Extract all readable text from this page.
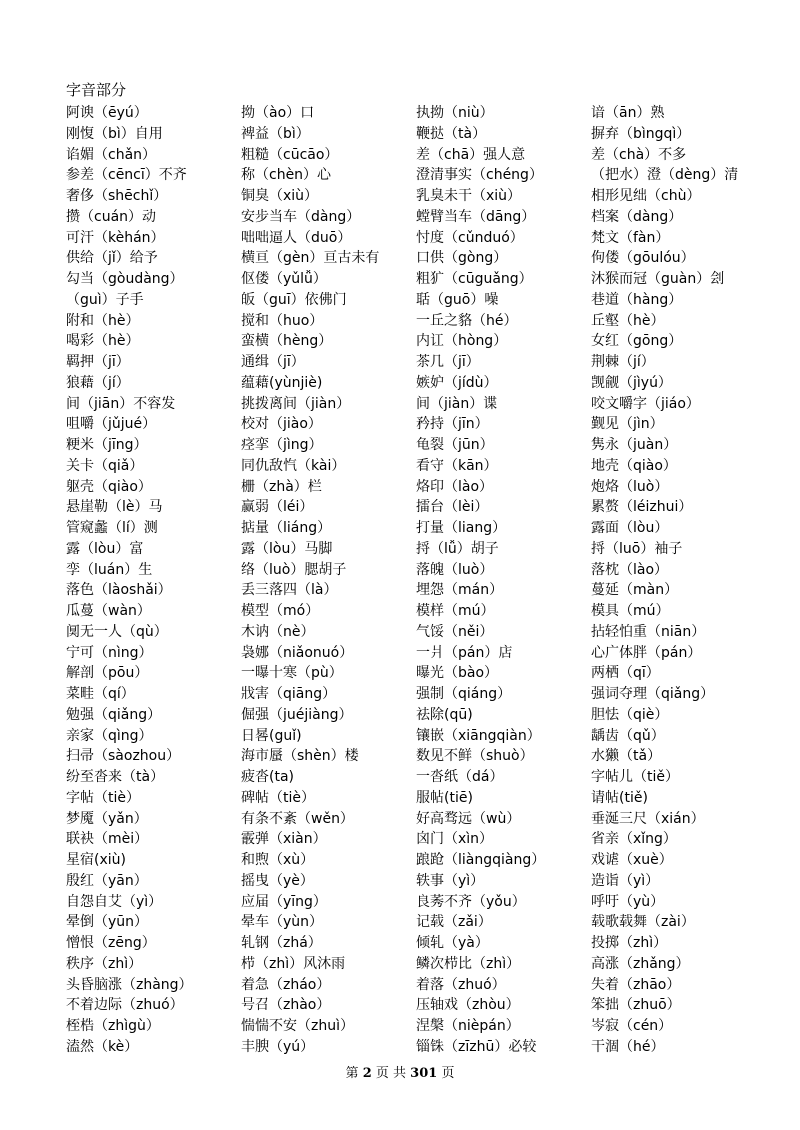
字音部分
阿谀（ēyú）	拗（ào）口	执拗（niù）	谙（ān）熟
刚愎（bì）自用	裨益（bì）	鞭挞（tà）	摒弃（bìngqì）
谄媚（chǎn）	粗糙（cūcāo）	差（chā）强人意	差（chà）不多
参差（cēncī）不齐	称（chèn）心	澄清事实（chéng）	（把水）澄（dèng）清
奢侈（shēchǐ）	铜臭（xiù）	乳臭未干（xiù）	相形见绌（chù）
攒（cuán）动	安步当车（dàng）	螳臂当车（dāng）	档案（dàng）
可汗（kèhán）	咄咄逼人（duō）	忖度（cǔnduó）	梵文（fàn）
供给（jǐ）给予	横亘（gèn）亘古未有	口供（gòng）	佝偻（gōulóu）
勾当（gòudàng）	伛偻（yǔlǚ）	粗犷（cūguǎng）	沐猴而冠（guàn）刽
（guì）子手	皈（guī）依佛门	聒（guō）噪	巷道（hàng）
附和（hè）	搅和（huo）	一丘之貉（hé）	丘壑（hè）
喝彩（hè）	蛮横（hèng）	内讧（hòng）	女红（gōng）
羁押（jī）	通缉（jī）	茶几（jī）	荆棘（jí）
狼藉（jí）	蕴藉(yùnjiè)	嫉妒（jídù）	觊觎（jìyú）
间（jiān）不容发	挑拨离间（jiàn）	间（jiàn）谍	咬文嚼字（jiáo）
咀嚼（jǔjué）	校对（jiào）	矜持（jīn）	觐见（jìn）
粳米（jīng）	痉挛（jìng）	龟裂（jūn）	隽永（juàn）
关卡（qiǎ）	同仇敌忾（kài）	看守（kān）	地壳（qiào）
躯壳（qiào）	栅（zhà）栏	烙印（lào）	炮烙（luò）
悬崖勒（lè）马	赢弱（léi）	擂台（lèi）	累赘（léizhui）
管窥蠡（lí）测	掂量（liáng）	打量（liang）	露面（lòu）
露（lòu）富	露（lòu）马脚	捋（lǚ）胡子	捋（luō）袖子
孪（luán）生	络（luò）腮胡子	落魄（luò）	落枕（lào）
落色（làoshǎi）	丢三落四（là）	埋怨（mán）	蔓延（màn）
瓜蔓（wàn）	模型（mó）	模样（mú）	模具（mú）
阒无一人（qù）	木讷（nè）	气馁（něi）	拈轻怕重（niān）
宁可（nìng）	袅娜（niǎonuó）	一爿（pán）店	心广体胖（pán）
解剖（pōu）	一曝十寒（pù）	曝光（bào）	两栖（qī）
菜畦（qí）	戕害（qiāng）	强制（qiáng）	强词夺理（qiǎng）
勉强（qiǎng）	倔强（juéjiàng）	祛除(qū)	胆怯（qiè）
亲家（qìng）	日晷(guǐ)	镶嵌（xiāngqiàn）	龋齿（qǔ）
扫帚（sàozhou）	海市蜃（shèn）楼	数见不鲜（shuò）	水獭（tǎ）
纷至沓来（tà）	疲沓(ta)	一沓纸（dá）	字帖儿（tiě）
字帖（tiè）	碑帖（tiè）	服帖(tiē)	请帖(tiě)
梦魇（yǎn）	有条不紊（wěn）	好高骛远（wù）	垂涎三尺（xián）
联袂（mèi）	霰弹（xiàn）	囟门（xìn）	省亲（xǐng）
星宿(xiù)	和煦（xù）	踉跄（liàngqiàng）	戏谑（xuè）
殷红（yān）	摇曳（yè）	轶事（yì）	造诣（yì）
自怨自艾（yì）	应届（yīng）	良莠不齐（yǒu）	呼吁（yù）
晕倒（yūn）	晕车（yùn）	记载（zǎi）	载歌载舞（zài）
憎恨（zēng）	轧钢（zhá）	倾轧（yà）	投掷（zhì）
秩序（zhì）	栉（zhì）风沐雨	鳞次栉比（zhì）	高涨（zhǎng）
头昏脑涨（zhàng）	着急（zháo）	着落（zhuó）	失着（zhāo）
不着边际（zhuó）	号召（zhào）	压轴戏（zhòu）	笨拙（zhuō）
桎梏（zhìgù）	惴惴不安（zhuì）	涅槃（nièpán）	岑寂（cén）
溘然（kè）	丰腴（yú）	锱铢（zīzhū）必较	干涸（hé）
第 2 页 共 301 页
